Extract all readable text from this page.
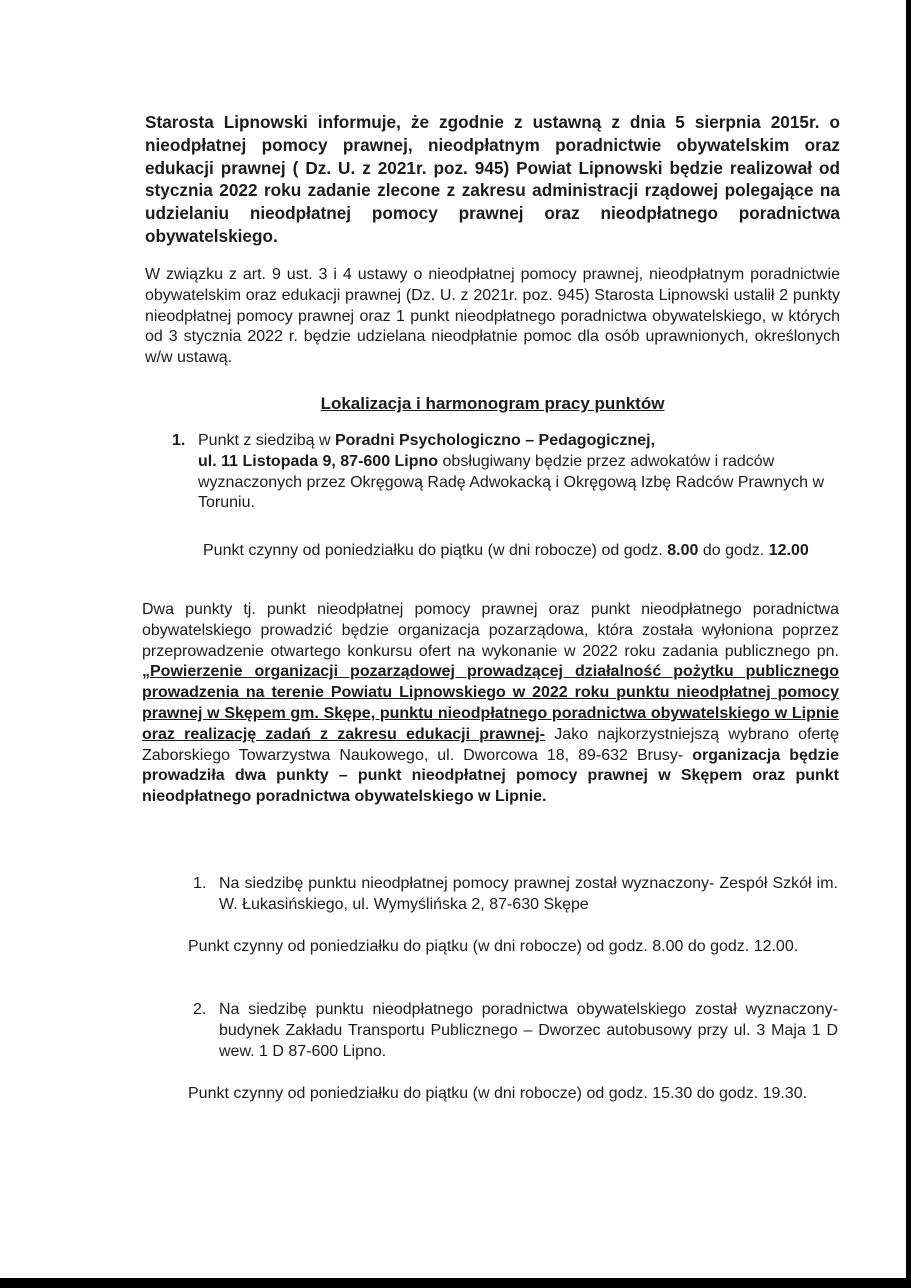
Starosta Lipnowski informuje, że zgodnie z ustawną z dnia 5 sierpnia 2015r. o nieodpłatnej pomocy prawnej, nieodpłatnym poradnictwie obywatelskim oraz edukacji prawnej ( Dz. U. z 2021r. poz. 945) Powiat Lipnowski będzie realizował od stycznia 2022 roku zadanie zlecone z zakresu administracji rządowej polegające na udzielaniu nieodpłatnej pomocy prawnej oraz nieodpłatnego poradnictwa obywatelskiego.

W związku z art. 9 ust. 3 i 4 ustawy o nieodpłatnej pomocy prawnej, nieodpłatnym poradnictwie obywatelskim oraz edukacji prawnej (Dz. U. z 2021r. poz. 945) Starosta Lipnowski ustalił 2 punkty nieodpłatnej pomocy prawnej oraz 1 punkt nieodpłatnego poradnictwa obywatelskiego, w których od 3 stycznia 2022 r. będzie udzielana nieodpłatnie pomoc dla osób uprawnionych, określonych w/w ustawą.

Lokalizacja i harmonogram pracy punktów
1. Punkt z siedzibą w Poradni Psychologiczno – Pedagogicznej,
ul. 11 Listopada 9, 87-600 Lipno obsługiwany będzie przez adwokatów i radców wyznaczonych przez Okręgową Radę Adwokacką i Okręgową Izbę Radców Prawnych w Toruniu.

Punkt czynny od poniedziałku do piątku (w dni robocze) od godz. 8.00 do godz. 12.00

Dwa punkty tj. punkt nieodpłatnej pomocy prawnej oraz punkt nieodpłatnego poradnictwa obywatelskiego prowadzić będzie organizacja pozarządowa, która została wyłoniona poprzez przeprowadzenie otwartego konkursu ofert na wykonanie w 2022 roku zadania publicznego pn. „Powierzenie organizacji pozarządowej prowadzącej działalność pożytku publicznego prowadzenia na terenie Powiatu Lipnowskiego w 2022 roku punktu nieodpłatnej pomocy prawnej w Skępem gm. Skępe, punktu nieodpłatnego poradnictwa obywatelskiego w Lipnie oraz realizację zadań z zakresu edukacji prawnej- Jako najkorzystniejszą wybrano ofertę Zaborskiego Towarzystwa Naukowego, ul. Dworcowa 18, 89-632 Brusy- organizacja będzie prowadziła dwa punkty – punkt nieodpłatnej pomocy prawnej w Skępem oraz punkt nieodpłatnego poradnictwa obywatelskiego w Lipnie.

1. Na siedzibę punktu nieodpłatnej pomocy prawnej został wyznaczony- Zespół Szkół im. W. Łukasińskiego, ul. Wymyślińska 2, 87-630 Skępe

Punkt czynny od poniedziałku do piątku (w dni robocze) od godz. 8.00 do godz. 12.00.

2. Na siedzibę punktu nieodpłatnego poradnictwa obywatelskiego został wyznaczony- budynek Zakładu Transportu Publicznego – Dworzec autobusowy przy ul. 3 Maja 1 D wew. 1 D 87-600 Lipno.

Punkt czynny od poniedziałku do piątku (w dni robocze) od godz. 15.30 do godz. 19.30.
